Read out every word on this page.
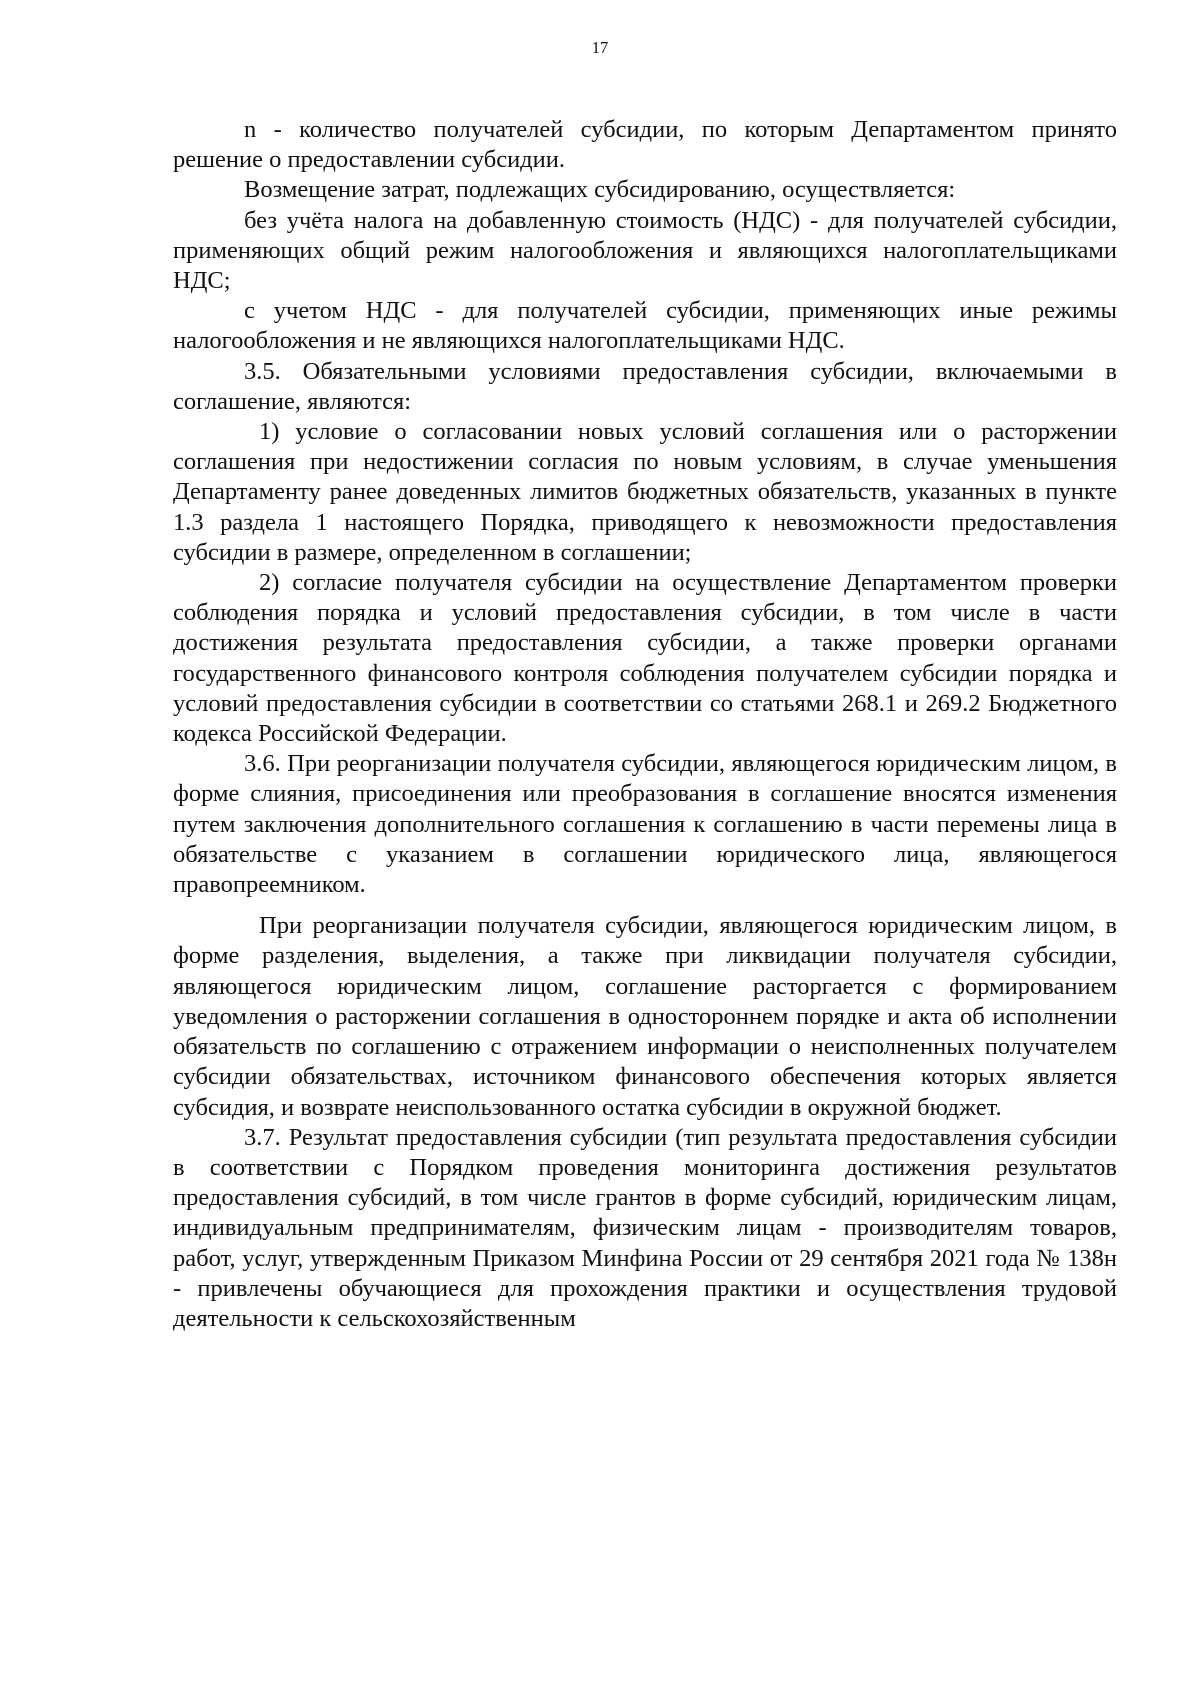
17

n - количество получателей субсидии, по которым Департаментом принято решение о предоставлении субсидии.

Возмещение затрат, подлежащих субсидированию, осуществляется:

без учёта налога на добавленную стоимость (НДС) - для получателей субсидии, применяющих общий режим налогообложения и являющихся налогоплательщиками НДС;

с учетом НДС - для получателей субсидии, применяющих иные режимы налогообложения и не являющихся налогоплательщиками НДС.

3.5. Обязательными условиями предоставления субсидии, включаемыми в соглашение, являются:

1) условие о согласовании новых условий соглашения или о расторжении соглашения при недостижении согласия по новым условиям, в случае уменьшения Департаменту ранее доведенных лимитов бюджетных обязательств, указанных в пункте 1.3 раздела 1 настоящего Порядка, приводящего к невозможности предоставления субсидии в размере, определенном в соглашении;

2) согласие получателя субсидии на осуществление Департаментом проверки соблюдения порядка и условий предоставления субсидии, в том числе в части достижения результата предоставления субсидии, а также проверки органами государственного финансового контроля соблюдения получателем субсидии порядка и условий предоставления субсидии в соответствии со статьями 268.1 и 269.2 Бюджетного кодекса Российской Федерации.

3.6. При реорганизации получателя субсидии, являющегося юридическим лицом, в форме слияния, присоединения или преобразования в соглашение вносятся изменения путем заключения дополнительного соглашения к соглашению в части перемены лица в обязательстве с указанием в соглашении юридического лица, являющегося правопреемником.

При реорганизации получателя субсидии, являющегося юридическим лицом, в форме разделения, выделения, а также при ликвидации получателя субсидии, являющегося юридическим лицом, соглашение расторгается с формированием уведомления о расторжении соглашения в одностороннем порядке и акта об исполнении обязательств по соглашению с отражением информации о неисполненных получателем субсидии обязательствах, источником финансового обеспечения которых является субсидия, и возврате неиспользованного остатка субсидии в окружной бюджет.

3.7. Результат предоставления субсидии (тип результата предоставления субсидии в соответствии с Порядком проведения мониторинга достижения результатов предоставления субсидий, в том числе грантов в форме субсидий, юридическим лицам, индивидуальным предпринимателям, физическим лицам - производителям товаров, работ, услуг, утвержденным Приказом Минфина России от 29 сентября 2021 года № 138н - привлечены обучающиеся для прохождения практики и осуществления трудовой деятельности к сельскохозяйственным
